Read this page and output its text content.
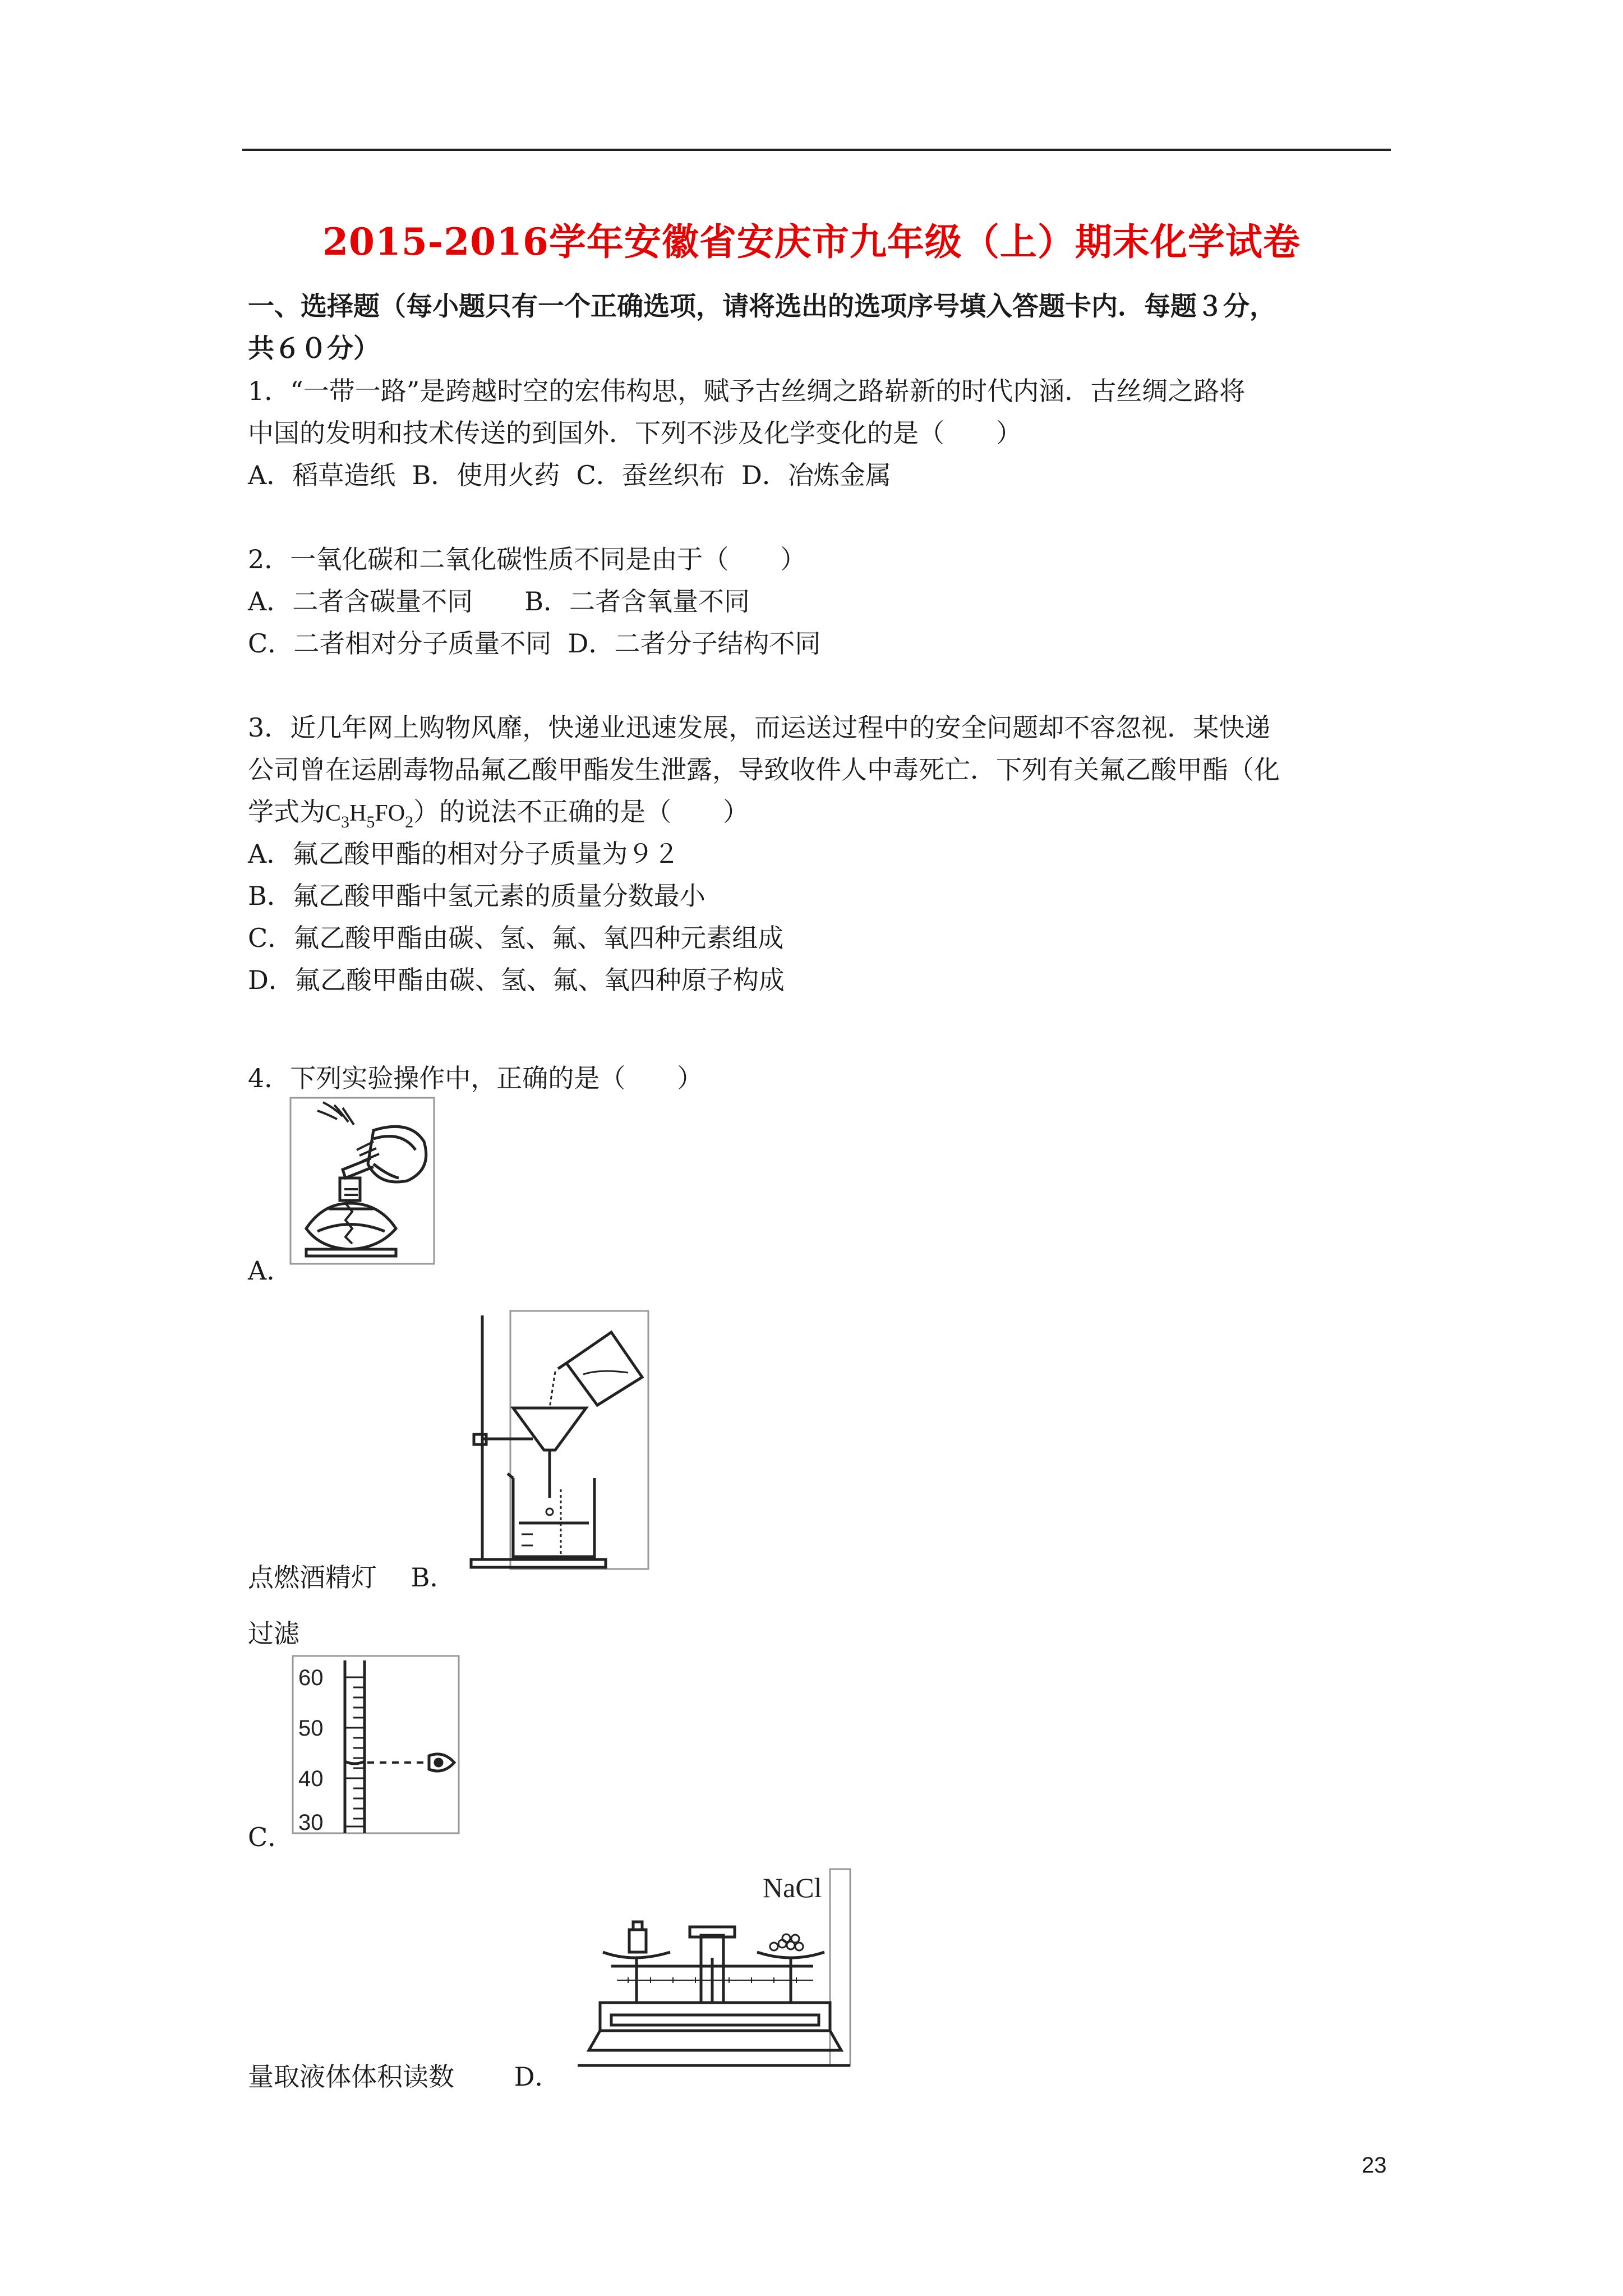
2015-2016学年安徽省安庆市九年级（上）期末化学试卷
一、选择题（每小题只有一个正确选项，请将选出的选项序号填入答题卡内．每题３分，
共６０分）
1．“一带一路”是跨越时空的宏伟构思，赋予古丝绸之路崭新的时代内涵．古丝绸之路将
中国的发明和技术传送的到国外．下列不涉及化学变化的是（　　）
A．稻草造纸  B．使用火药  C．蚕丝织布  D．冶炼金属
2．一氧化碳和二氧化碳性质不同是由于（　　）
A．二者含碳量不同　　B．二者含氧量不同
C．二者相对分子质量不同  D．二者分子结构不同
3．近几年网上购物风靡，快递业迅速发展，而运送过程中的安全问题却不容忽视．某快递
公司曾在运剧毒物品氟乙酸甲酯发生泄露，导致收件人中毒死亡．下列有关氟乙酸甲酯（化
学式为$C_3H_5FO_2$）的说法不正确的是（　　）
A．氟乙酸甲酯的相对分子质量为９２
B．氟乙酸甲酯中氢元素的质量分数最小
C．氟乙酸甲酯由碳、氢、氟、氧四种元素组成
D．氟乙酸甲酯由碳、氢、氟、氧四种原子构成
4．下列实验操作中，正确的是（　　）
A．
点燃酒精灯　 B．
过滤
60
50
40
30
C．
NaCl
量取液体体积读数　　 D．
23
